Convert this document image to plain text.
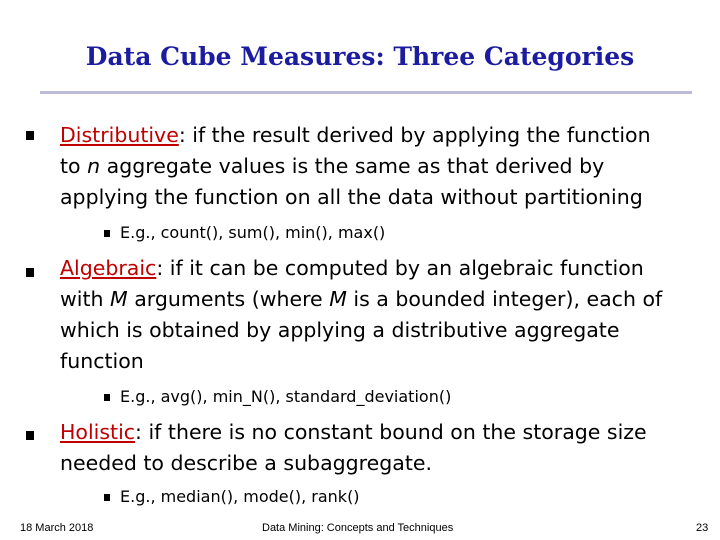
Data Cube Measures: Three Categories
Distributive: if the result derived by applying the function
to n aggregate values is the same as that derived by
applying the function on all the data without partitioning
E.g., count(), sum(), min(), max()
Algebraic: if it can be computed by an algebraic function
with M arguments (where M is a bounded integer), each of
which is obtained by applying a distributive aggregate
function
E.g., avg(), min_N(), standard_deviation()
Holistic: if there is no constant bound on the storage size
needed to describe a subaggregate.
E.g., median(), mode(), rank()
18 March 2018	Data Mining: Concepts and Techniques	23
